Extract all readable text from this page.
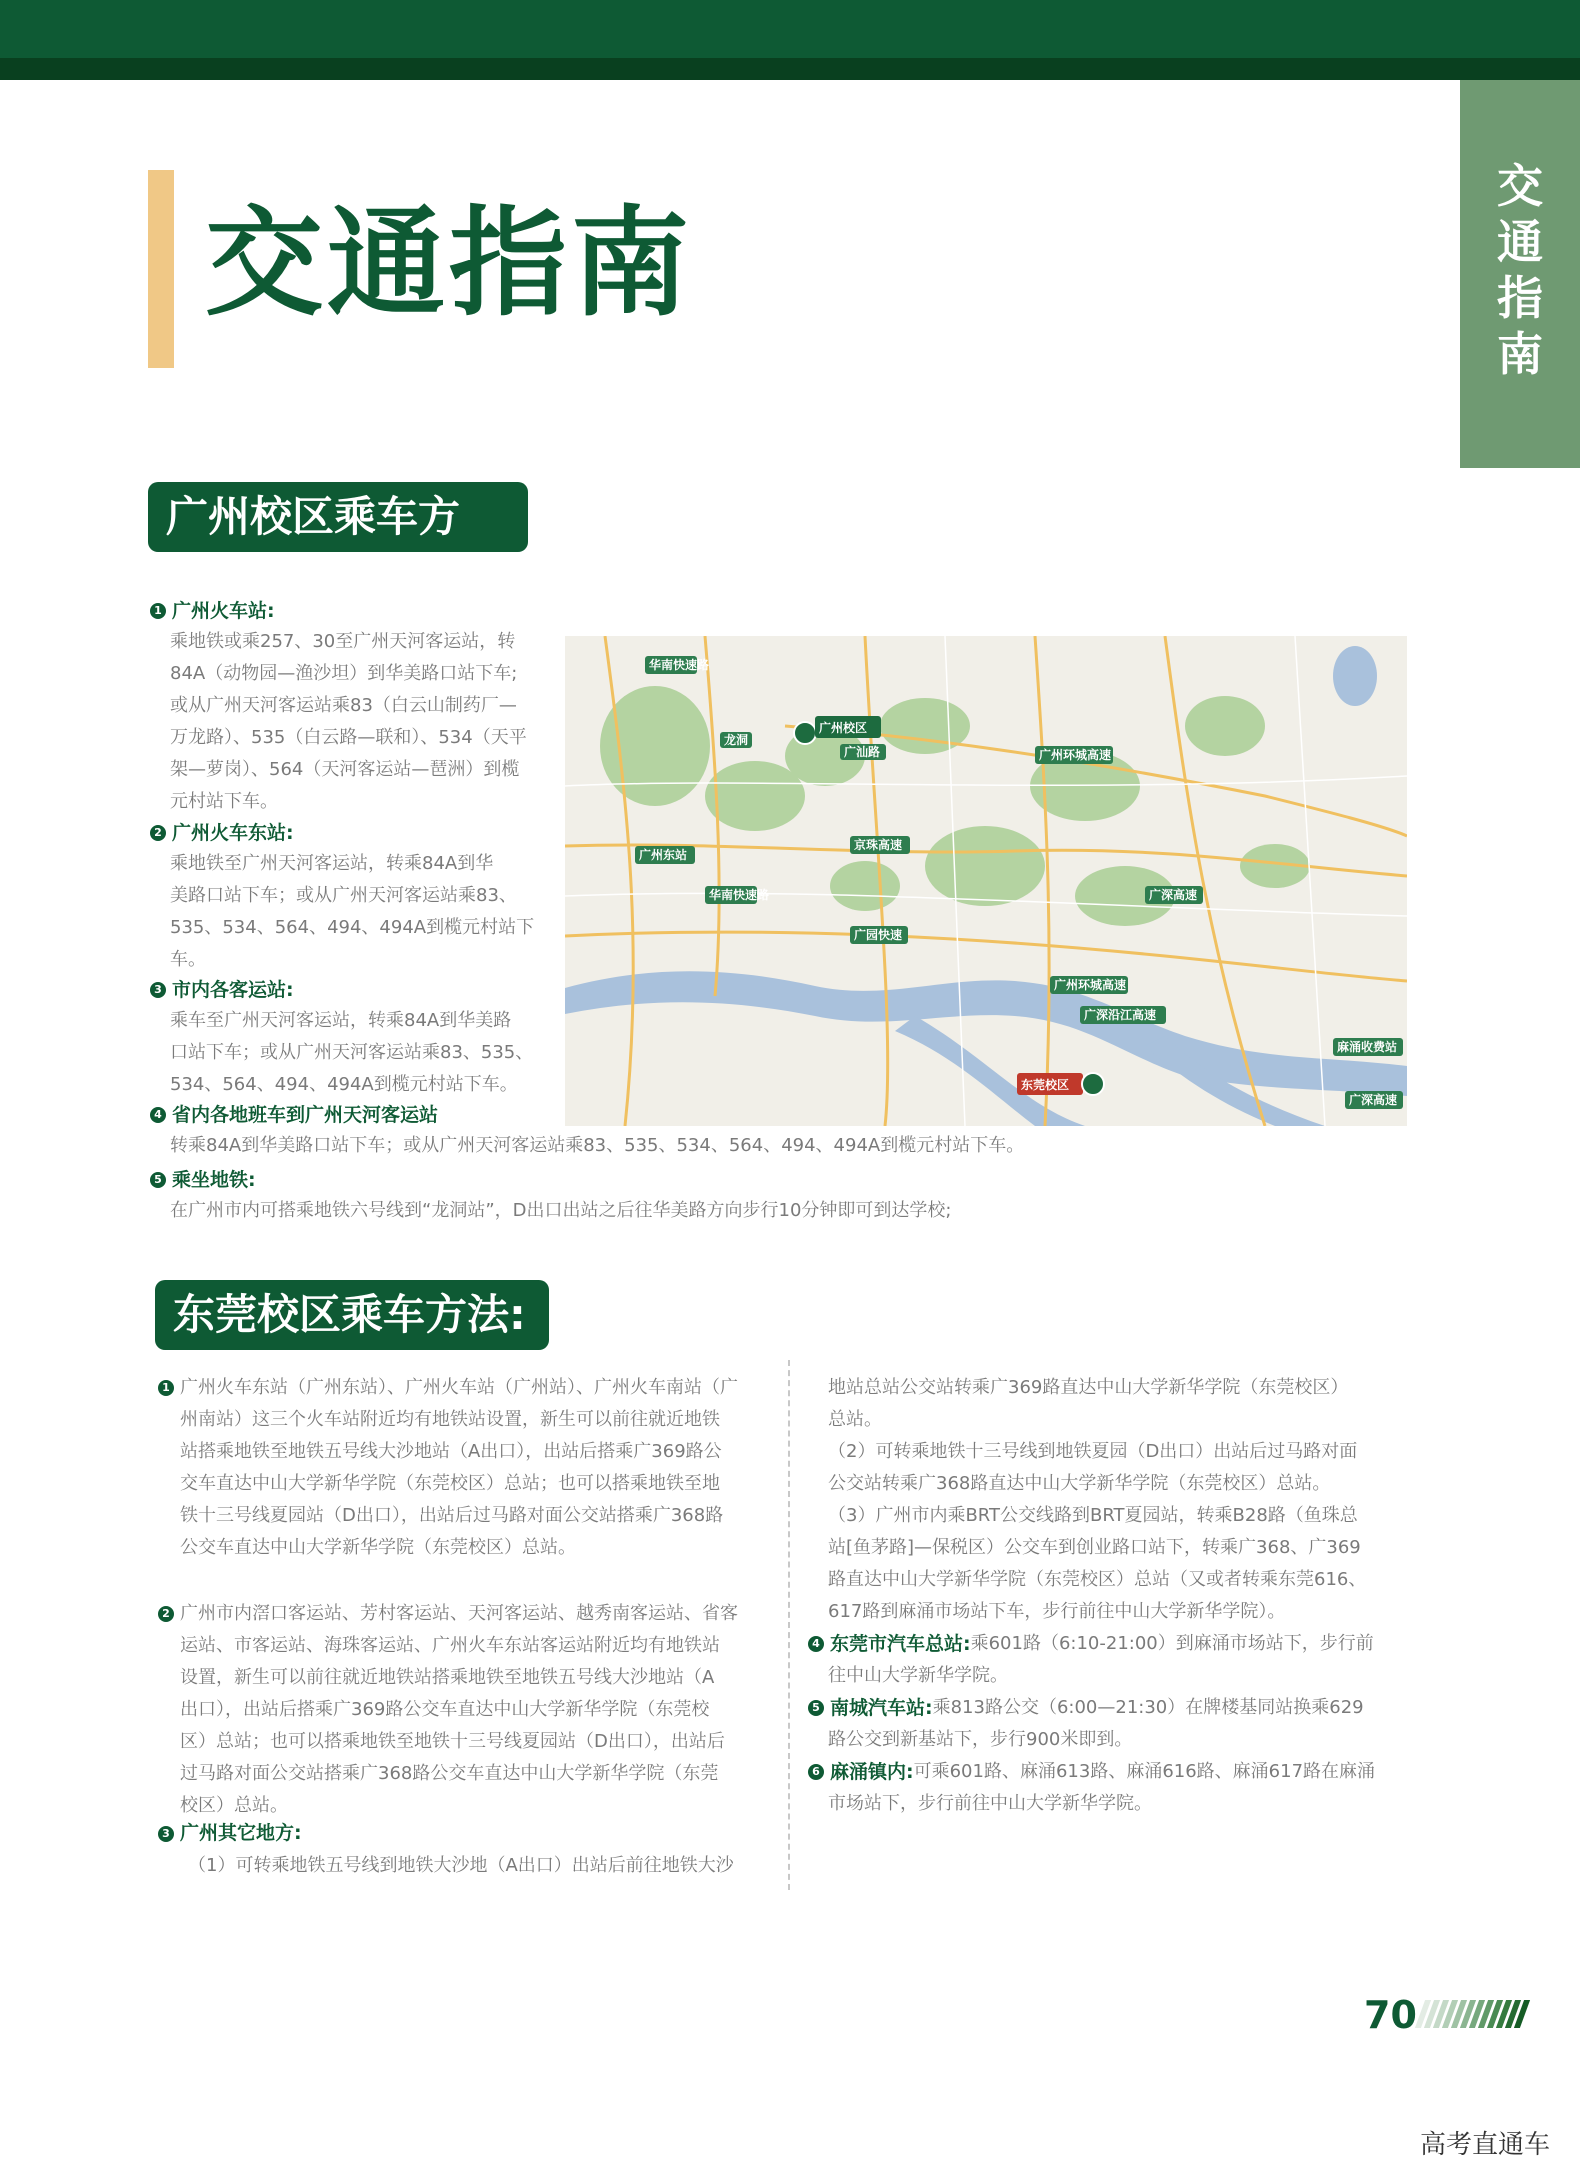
交通指南
交通指南
广州校区乘车方法:
1 广州火车站:
乘地铁或乘257、30至广州天河客运站，转
84A（动物园—渔沙坦）到华美路口站下车;
或从广州天河客运站乘83（白云山制药厂—
万龙路）、535（白云路—联和）、534（天平
架—萝岗）、564（天河客运站—琶洲）到榄
元村站下车。
2 广州火车东站:
乘地铁至广州天河客运站，转乘84A到华
美路口站下车；或从广州天河客运站乘83、
535、534、564、494、494A到榄元村站下
车。
3 市内各客运站:
乘车至广州天河客运站，转乘84A到华美路
口站下车；或从广州天河客运站乘83、535、
534、564、494、494A到榄元村站下车。
4 省内各地班车到广州天河客运站
转乘84A到华美路口站下车；或从广州天河客运站乘83、535、534、564、494、494A到榄元村站下车。
5 乘坐地铁:
在广州市内可搭乘地铁六号线到“龙洞站”，D出口出站之后往华美路方向步行10分钟即可到达学校;
华南快速路
广州校区
龙洞
广汕路	广州环城高速
京珠高速
广州东站
华南快速路	广深高速
广园快速
广深沿江高速
广州环城高速
东莞校区
麻涌收费站
广深高速
东莞校区乘车方法:
1 广州火车东站（广州东站）、广州火车站（广州站）、广州火车南站（广
州南站）这三个火车站附近均有地铁站设置，新生可以前往就近地铁
站搭乘地铁至地铁五号线大沙地站（A出口），出站后搭乘广369路公
交车直达中山大学新华学院（东莞校区）总站；也可以搭乘地铁至地
铁十三号线夏园站（D出口），出站后过马路对面公交站搭乘广368路
公交车直达中山大学新华学院（东莞校区）总站。
2 广州市内滘口客运站、芳村客运站、天河客运站、越秀南客运站、省客
运站、市客运站、海珠客运站、广州火车东站客运站附近均有地铁站
设置，新生可以前往就近地铁站搭乘地铁至地铁五号线大沙地站（A
出口），出站后搭乘广369路公交车直达中山大学新华学院（东莞校
区）总站；也可以搭乘地铁至地铁十三号线夏园站（D出口），出站后
过马路对面公交站搭乘广368路公交车直达中山大学新华学院（东莞
校区）总站。
3 广州其它地方:
（1）可转乘地铁五号线到地铁大沙地（A出口）出站后前往地铁大沙
地站总站公交站转乘广369路直达中山大学新华学院（东莞校区）
总站。
（2）可转乘地铁十三号线到地铁夏园（D出口）出站后过马路对面
公交站转乘广368路直达中山大学新华学院（东莞校区）总站。
（3）广州市内乘BRT公交线路到BRT夏园站，转乘B28路（鱼珠总
站[鱼茅路]—保税区）公交车到创业路口站下，转乘广368、广369
路直达中山大学新华学院（东莞校区）总站（又或者转乘东莞616、
617路到麻涌市场站下车，步行前往中山大学新华学院）。
4 东莞市汽车总站: 乘601路（6:10-21:00）到麻涌市场站下，步行前
往中山大学新华学院。
5 南城汽车站: 乘813路公交（6:00—21:30）在牌楼基同站换乘629
路公交到新基站下，步行900米即到。
6 麻涌镇内: 可乘601路、麻涌613路、麻涌616路、麻涌617路在麻涌
市场站下，步行前往中山大学新华学院。
70
高考直通车
